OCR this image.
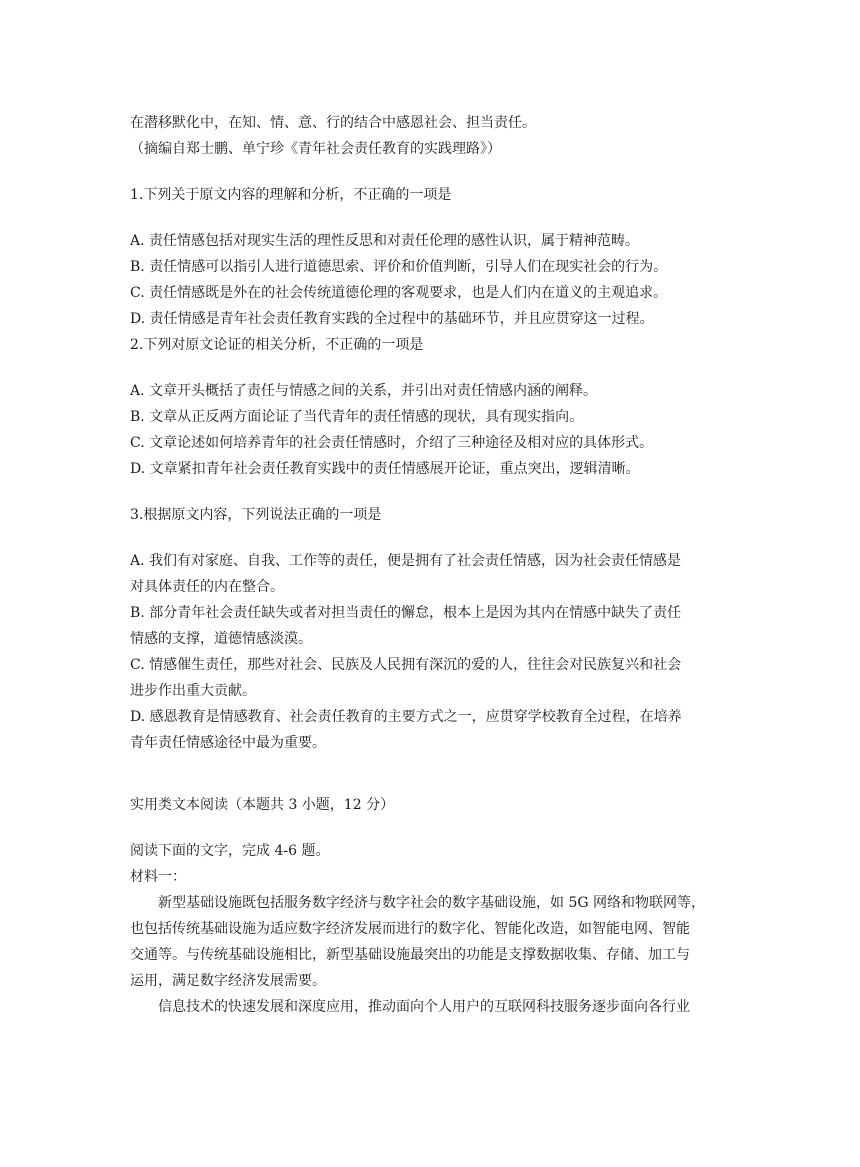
在潜移默化中，在知、情、意、行的结合中感恩社会、担当责任。

（摘编自郑士鹏、单宁珍《青年社会责任教育的实践理路》）

1.下列关于原文内容的理解和分析，不正确的一项是

A. 责任情感包括对现实生活的理性反思和对责任伦理的感性认识，属于精神范畴。

B. 责任情感可以指引人进行道德思索、评价和价值判断，引导人们在现实社会的行为。

C. 责任情感既是外在的社会传统道德伦理的客观要求，也是人们内在道义的主观追求。

D. 责任情感是青年社会责任教育实践的全过程中的基础环节，并且应贯穿这一过程。

2.下列对原文论证的相关分析，不正确的一项是

A. 文章开头概括了责任与情感之间的关系，并引出对责任情感内涵的阐释。

B. 文章从正反两方面论证了当代青年的责任情感的现状，具有现实指向。

C. 文章论述如何培养青年的社会责任情感时，介绍了三种途径及相对应的具体形式。

D. 文章紧扣青年社会责任教育实践中的责任情感展开论证，重点突出，逻辑清晰。

3.根据原文内容，下列说法正确的一项是

A. 我们有对家庭、自我、工作等的责任，便是拥有了社会责任情感，因为社会责任情感是

对具体责任的内在整合。

B. 部分青年社会责任缺失或者对担当责任的懈怠，根本上是因为其内在情感中缺失了责任

情感的支撑，道德情感淡漠。

C. 情感催生责任，那些对社会、民族及人民拥有深沉的爱的人，往往会对民族复兴和社会

进步作出重大贡献。

D. 感恩教育是情感教育、社会责任教育的主要方式之一，应贯穿学校教育全过程，在培养

青年责任情感途径中最为重要。

实用类文本阅读（本题共 3 小题，12 分）

阅读下面的文字，完成 4-6 题。

材料一：

新型基础设施既包括服务数字经济与数字社会的数字基础设施，如 5G 网络和物联网等，

也包括传统基础设施为适应数字经济发展而进行的数字化、智能化改造，如智能电网、智能

交通等。与传统基础设施相比，新型基础设施最突出的功能是支撑数据收集、存储、加工与

运用，满足数字经济发展需要。

信息技术的快速发展和深度应用，推动面向个人用户的互联网科技服务逐步面向各行业
